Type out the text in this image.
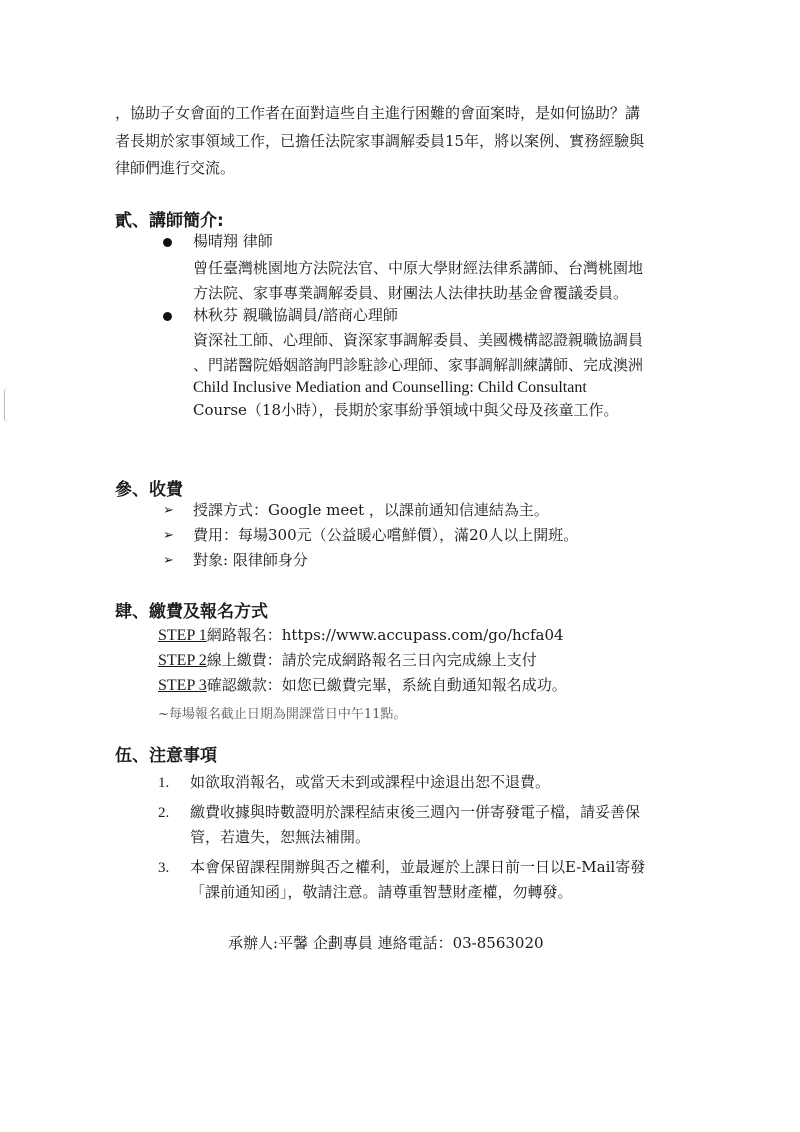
，協助子女會面的工作者在面對這些自主進行困難的會面案時，是如何協助？講
者長期於家事領域工作，已擔任法院家事調解委員15年，將以案例、實務經驗與
律師們進行交流。
貳、講師簡介:
楊晴翔 律師
曾任臺灣桃園地方法院法官、中原大學財經法律系講師、台灣桃園地
方法院、家事專業調解委員、財團法人法律扶助基金會覆議委員。
林秋芬 親職協調員/諮商心理師
資深社工師、心理師、資深家事調解委員、美國機構認證親職協調員
、門諾醫院婚姻諮詢門診駐診心理師、家事調解訓練講師、完成澳洲
Child Inclusive Mediation and Counselling: Child Consultant
Course（18小時），長期於家事紛爭領域中與父母及孩童工作。
參、收費
➢ 授課方式：Google meet ，以課前通知信連結為主。
➢ 費用：每場300元（公益暖心嚐鮮價），滿20人以上開班。
➢ 對象: 限律師身分
肆、繳費及報名方式
STEP 1網路報名：https://www.accupass.com/go/hcfa04
STEP 2線上繳費：請於完成網路報名三日內完成線上支付
STEP 3確認繳款：如您已繳費完畢，系統自動通知報名成功。
~每場報名截止日期為開課當日中午11點。
伍、注意事項
1. 如欲取消報名，或當天未到或課程中途退出恕不退費。
2. 繳費收據與時數證明於課程結束後三週內一併寄發電子檔，請妥善保
管，若遺失，恕無法補開。
3. 本會保留課程開辦與否之權利，並最遲於上課日前一日以E-Mail寄發
「課前通知函」，敬請注意。請尊重智慧財產權，勿轉發。
承辦人:平馨 企劃專員 連絡電話：03-8563020
